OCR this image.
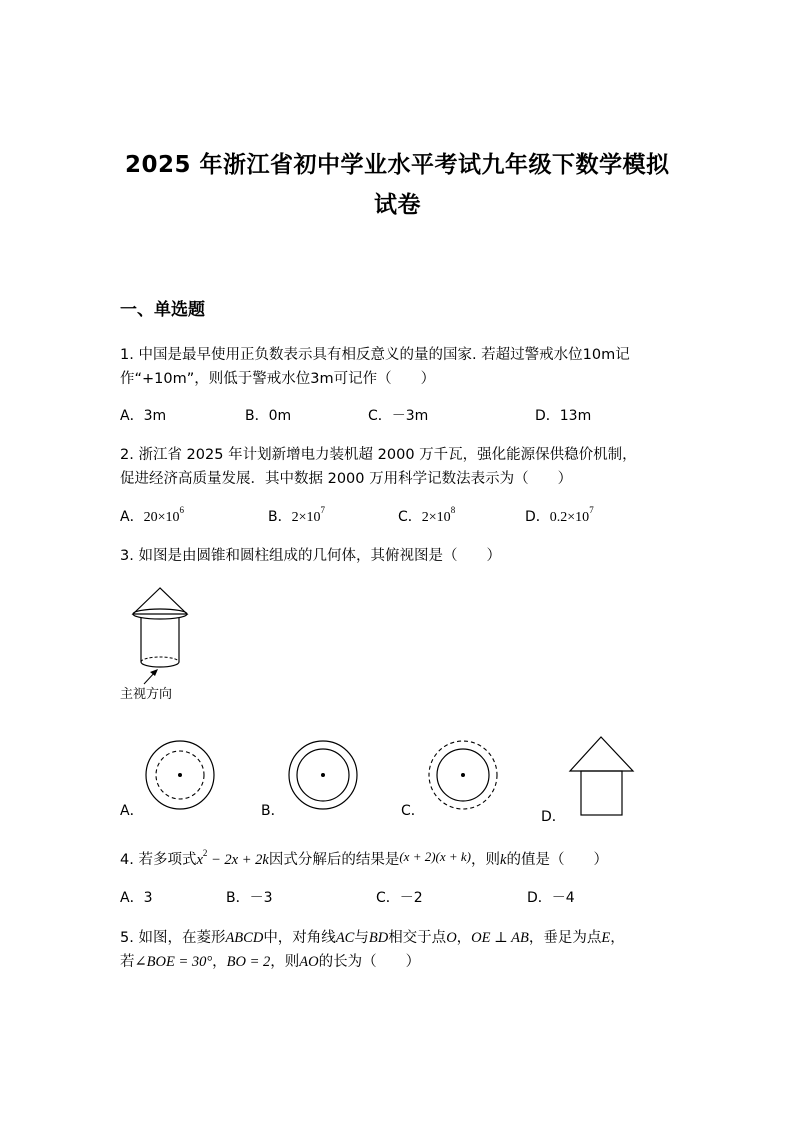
2025 年浙江省初中学业水平考试九年级下数学模拟
试卷
一、单选题
1. 中国是最早使用正负数表示具有相反意义的量的国家. 若超过警戒水位10m记
作“+10m”，则低于警戒水位3m可记作（　　）
A．3m	B．0m	C．－3m	D．13m
2. 浙江省 2025 年计划新增电力装机超 2000 万千瓦，强化能源保供稳价机制，
促进经济高质量发展．其中数据 2000 万用科学记数法表示为（　　）
A．$20\times 10^6$	B．$2\times 10^7$	C．$2\times 10^8$	D．$0.2\times 10^7$
3. 如图是由圆锥和圆柱组成的几何体，其俯视图是（　　）
主视方向
A．	B．	C．	D．
4. 若多项式$x^2 - 2x + 2k$因式分解后的结果是(x + 2)(x + k)，则k的值是（　　）
A．3	B．－3	C．－2	D．－4
5. 如图，在菱形ABCD中，对角线AC与BD相交于点O，OE ⊥ AB，垂足为点E，
若∠BOE = 30°，BO = 2，则AO的长为（　　）
